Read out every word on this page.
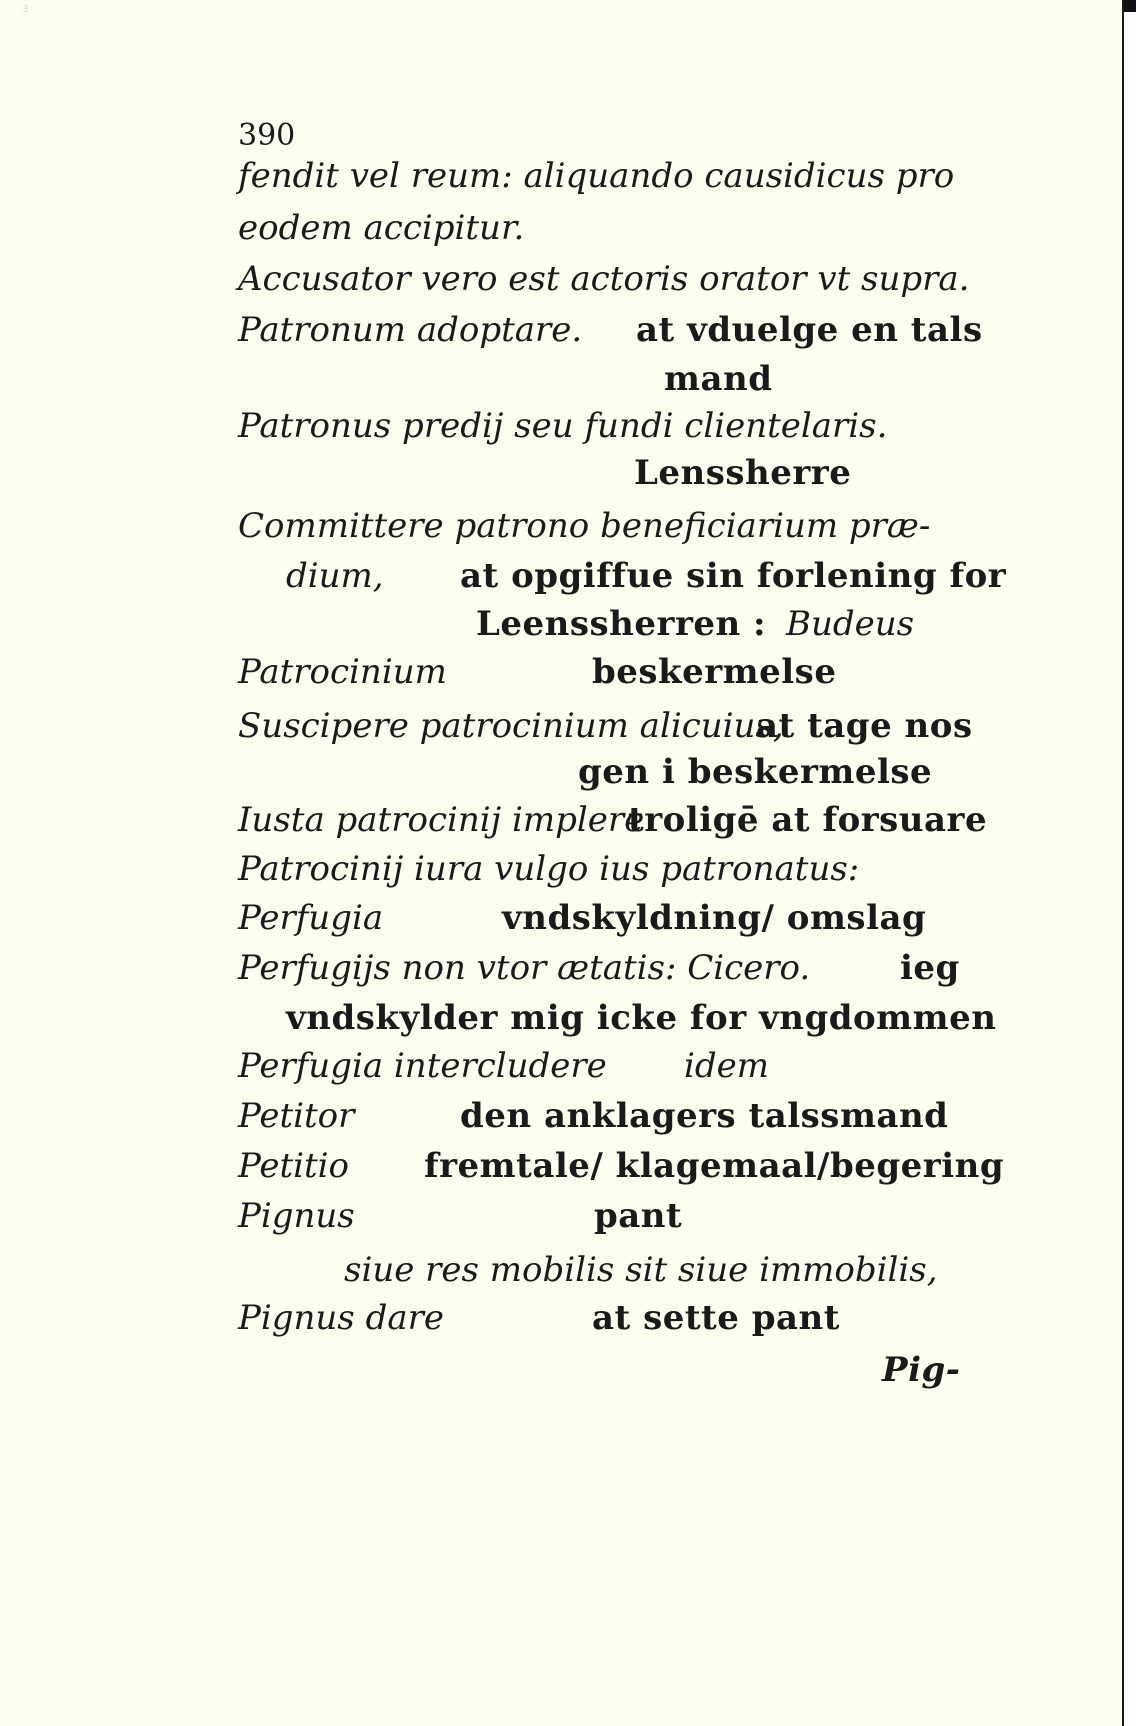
3
390
fendit vel reum: aliquando causidicus pro
eodem accipitur.
Accusator vero est actoris orator vt supra.
Patronum adoptare. at vduelge en tals
mand
Patronus predij seu fundi clientelaris.
Lenssherre
Committere patrono beneficiarium præ-
dium, at opgiffue sin forlening for
Leenssherren : Budeus
Patrocinium	beskermelse
Suscipere patrocinium alicuius,
at tage nos
gen i beskermelse
Iusta patrocinij implere
troligē at forsuare
Patrocinij iura vulgo ius patronatus:
Perfugia	vndskyldning/ omslag
Perfugijs non vtor ætatis: Cicero.	ieg
vndskylder mig icke for vngdommen
Perfugia intercludere idem
Petitor	den anklagers talssmand
Petitio fremtale/ klagemaal/begering
Pignus	pant
siue res mobilis sit siue immobilis,
Pignus dare	at sette pant
Pig-
